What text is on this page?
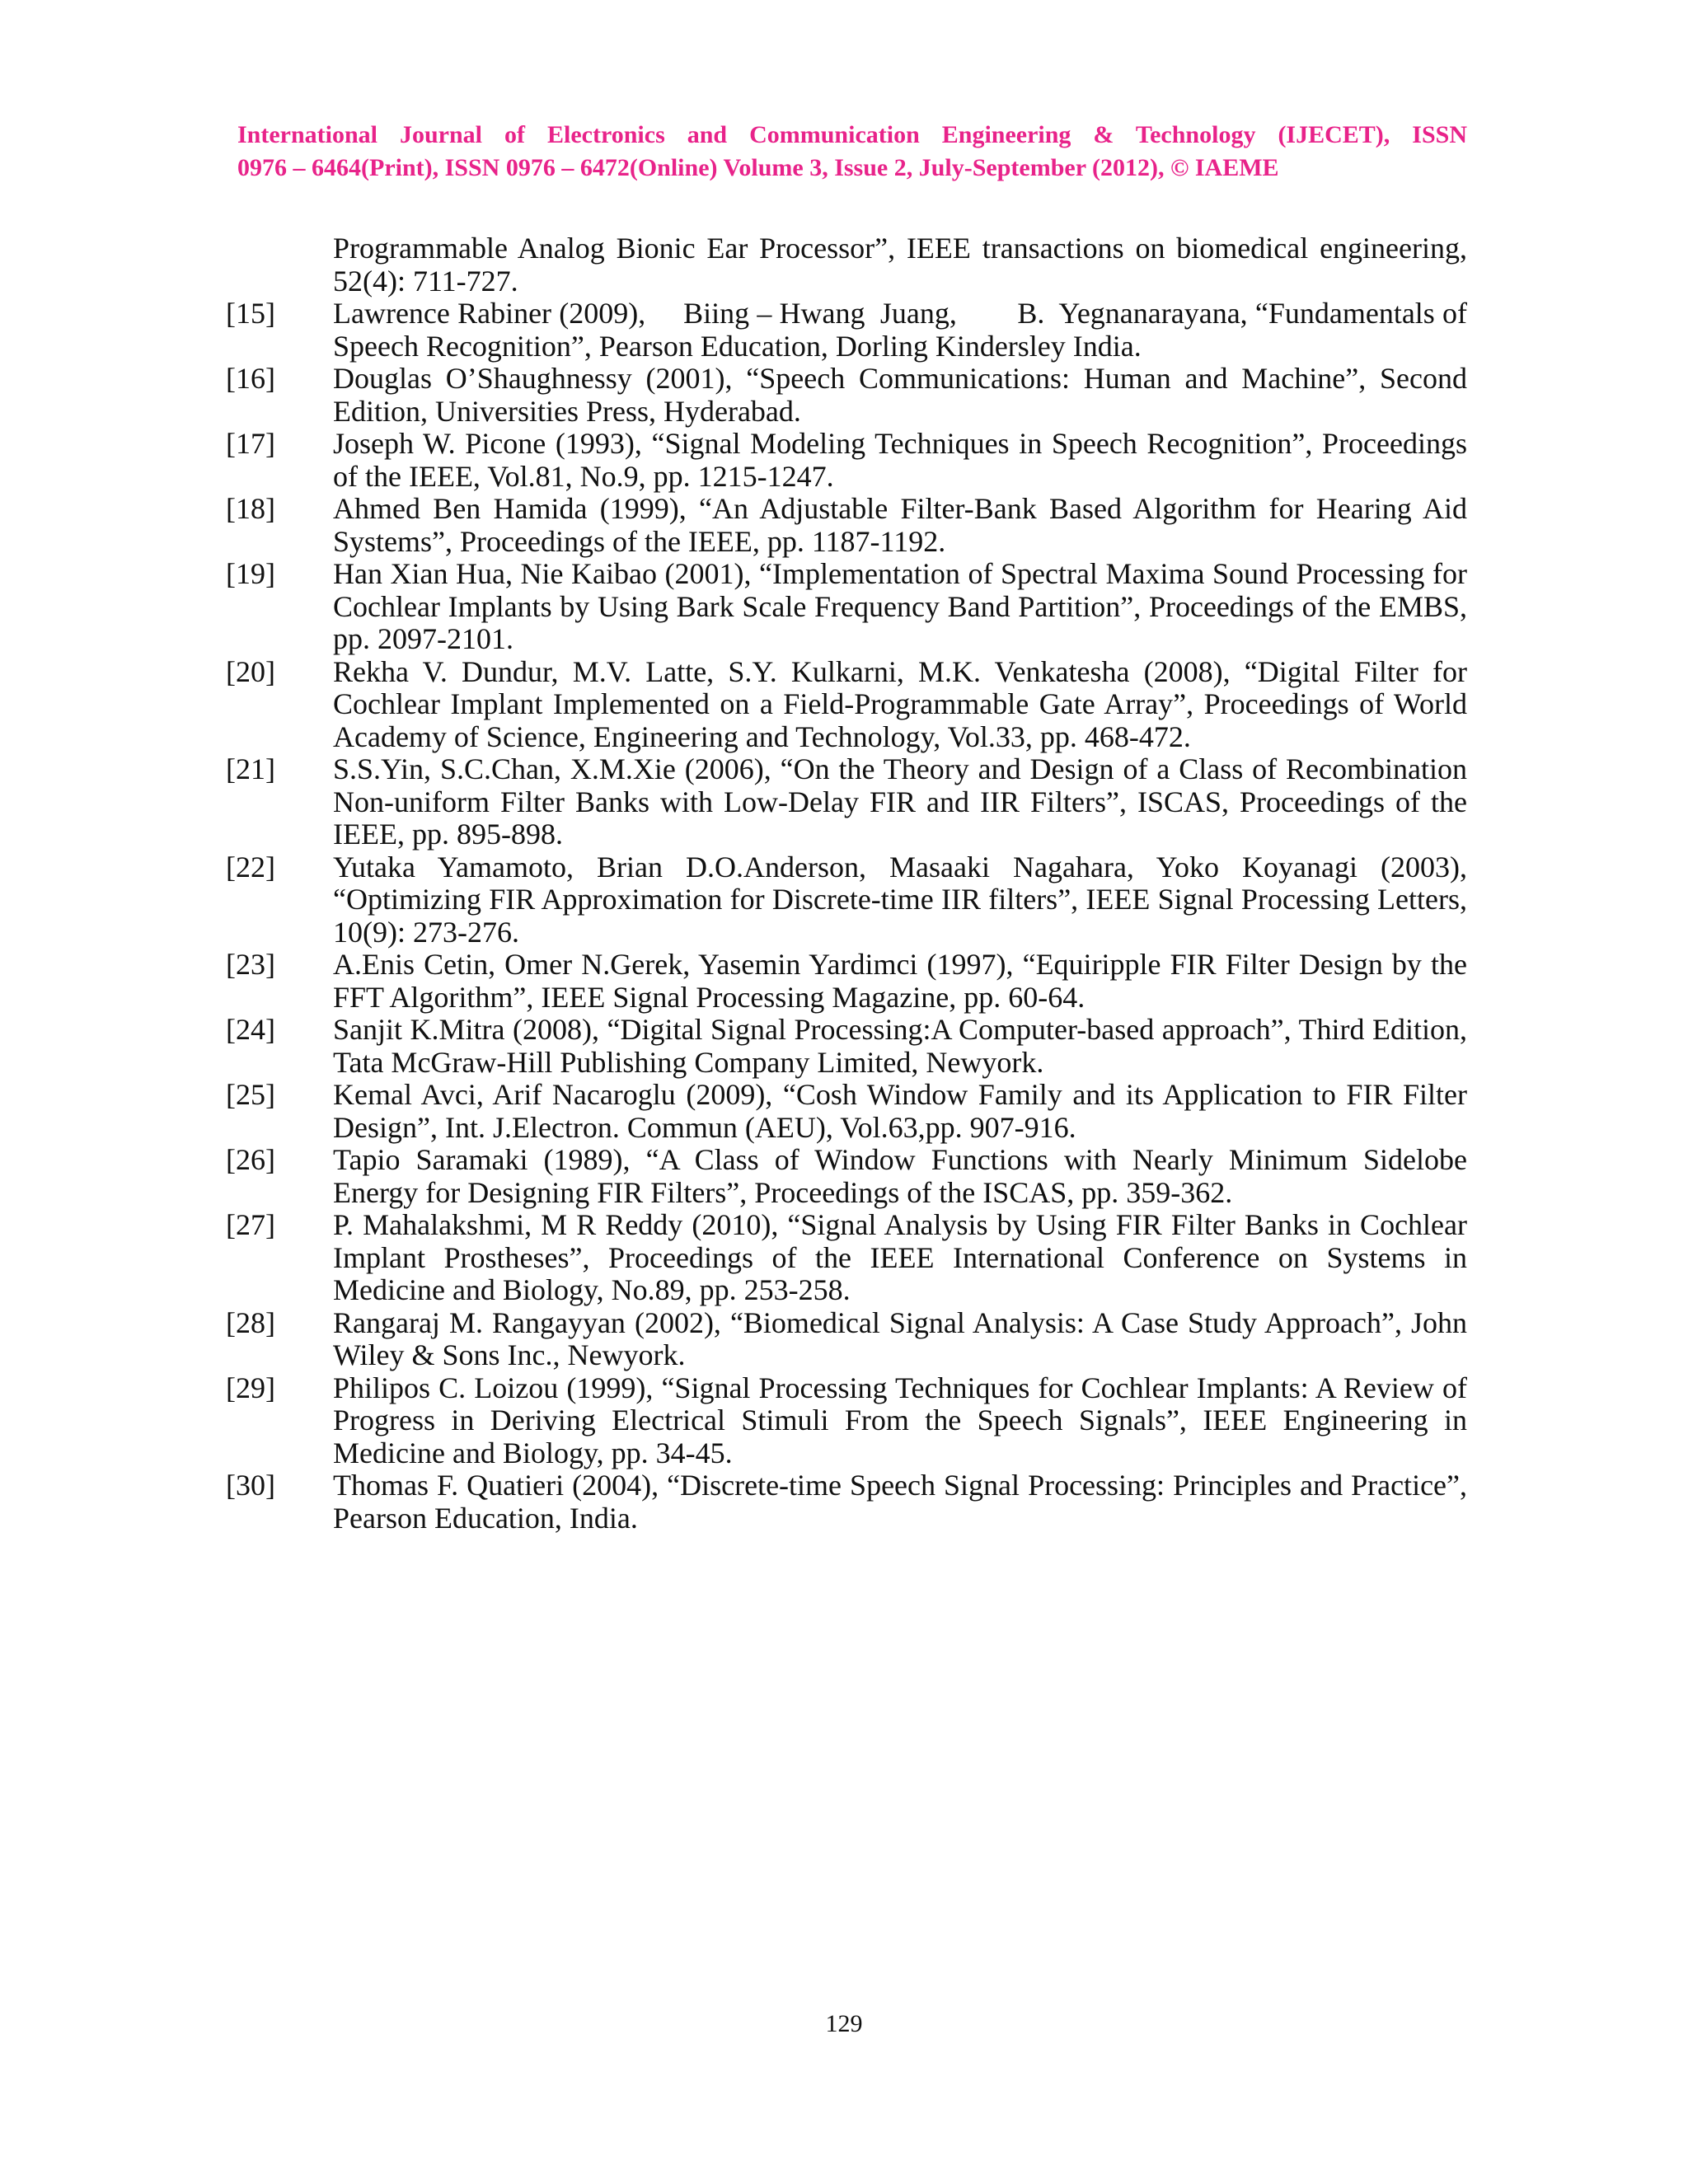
International Journal of Electronics and Communication Engineering & Technology (IJECET), ISSN
0976 – 6464(Print), ISSN 0976 – 6472(Online) Volume 3, Issue 2, July-September (2012), © IAEME
Programmable Analog Bionic Ear Processor”, IEEE transactions on biomedical engineering, 52(4): 711-727.
[15]	Lawrence Rabiner (2009),     Biing – Hwang  Juang,        B.  Yegnanarayana, “Fundamentals of Speech Recognition”, Pearson Education, Dorling Kindersley India.
[16]	Douglas O’Shaughnessy (2001), “Speech Communications: Human and Machine”, Second Edition, Universities Press, Hyderabad.
[17]	Joseph W. Picone (1993), “Signal Modeling Techniques in Speech Recognition”, Proceedings of the IEEE, Vol.81, No.9, pp. 1215-1247.
[18]	Ahmed Ben Hamida (1999), “An Adjustable Filter-Bank Based Algorithm for Hearing Aid Systems”, Proceedings of the IEEE, pp. 1187-1192.
[19]	Han Xian Hua, Nie Kaibao (2001), “Implementation of Spectral Maxima Sound Processing for Cochlear Implants by Using Bark Scale Frequency Band Partition”, Proceedings of the EMBS, pp. 2097-2101.
[20]	Rekha V. Dundur, M.V. Latte, S.Y. Kulkarni, M.K. Venkatesha (2008), “Digital Filter for Cochlear Implant Implemented on a Field-Programmable Gate Array”, Proceedings of World Academy of Science, Engineering and Technology, Vol.33, pp. 468-472.
[21]	S.S.Yin, S.C.Chan, X.M.Xie (2006), “On the Theory and Design of a Class of Recombination Non-uniform Filter Banks with Low-Delay FIR and IIR Filters”, ISCAS, Proceedings of the IEEE, pp. 895-898.
[22]	Yutaka Yamamoto, Brian D.O.Anderson, Masaaki Nagahara, Yoko Koyanagi (2003), “Optimizing FIR Approximation for Discrete-time IIR filters”, IEEE Signal Processing Letters, 10(9): 273-276.
[23]	A.Enis Cetin, Omer N.Gerek, Yasemin Yardimci (1997), “Equiripple FIR Filter Design by the FFT Algorithm”, IEEE Signal Processing Magazine, pp. 60-64.
[24]	Sanjit K.Mitra (2008), “Digital Signal Processing:A Computer-based approach”, Third Edition, Tata McGraw-Hill Publishing Company Limited, Newyork.
[25]	Kemal Avci, Arif Nacaroglu (2009), “Cosh Window Family and its Application to FIR Filter Design”, Int. J.Electron. Commun (AEU), Vol.63,pp. 907-916.
[26]	Tapio Saramaki (1989), “A Class of Window Functions with Nearly Minimum Sidelobe Energy for Designing FIR Filters”, Proceedings of the ISCAS, pp. 359-362.
[27]	P. Mahalakshmi, M R Reddy (2010), “Signal Analysis by Using FIR Filter Banks in Cochlear Implant Prostheses”, Proceedings of the IEEE International Conference on Systems in Medicine and Biology, No.89, pp. 253-258.
[28]	Rangaraj M. Rangayyan (2002), “Biomedical Signal Analysis: A Case Study Approach”, John Wiley & Sons Inc., Newyork.
[29]	Philipos C. Loizou (1999), “Signal Processing Techniques for Cochlear Implants: A Review of Progress in Deriving Electrical Stimuli From the Speech Signals”, IEEE Engineering in Medicine and Biology, pp. 34-45.
[30]	Thomas F. Quatieri (2004), “Discrete-time Speech Signal Processing: Principles and Practice”, Pearson Education, India.
129
